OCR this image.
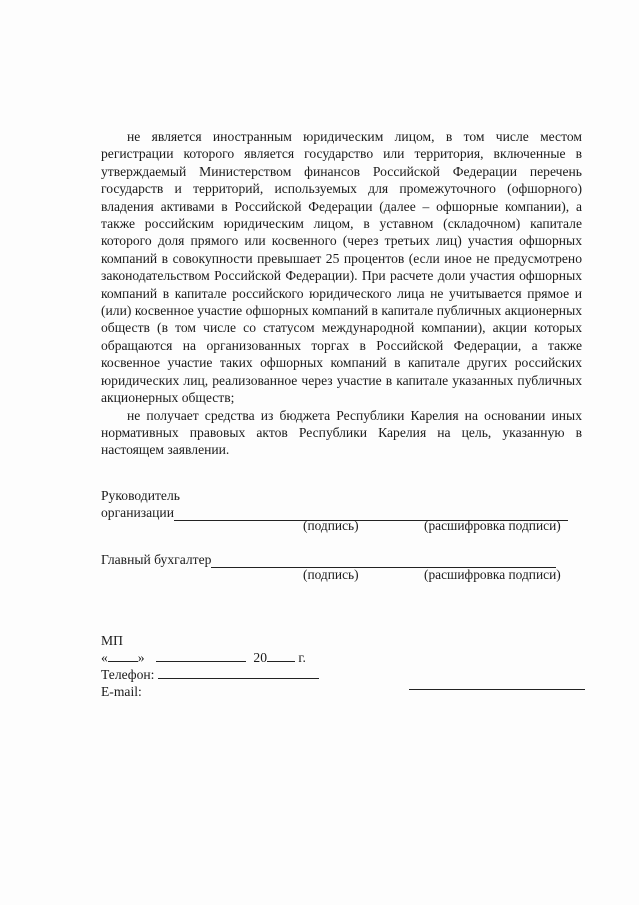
не является иностранным юридическим лицом, в том числе местом регистрации которого является государство или территория, включенные в утверждаемый Министерством финансов Российской Федерации перечень государств и территорий, используемых для промежуточного (офшорного) владения активами в Российской Федерации (далее – офшорные компании), а также российским юридическим лицом, в уставном (складочном) капитале которого доля прямого или косвенного (через третьих лиц) участия офшорных компаний в совокупности превышает 25 процентов (если иное не предусмотрено законодательством Российской Федерации). При расчете доли участия офшорных компаний в капитале российского юридического лица не учитывается прямое и (или) косвенное участие офшорных компаний в капитале публичных акционерных обществ (в том числе со статусом международной компании), акции которых обращаются на организованных торгах в Российской Федерации, а также косвенное участие таких офшорных компаний в капитале других российских юридических лиц, реализованное через участие в капитале указанных публичных акционерных обществ;

не получает средства из бюджета Республики Карелия на основании иных нормативных правовых актов Республики Карелия на цель, указанную в настоящем заявлении.

Руководитель
организации
(подпись)	(расшифровка подписи)
Главный бухгалтер
(подпись)	(расшифровка подписи)
МП
« »	20 г.
Телефон:
E-mail:
